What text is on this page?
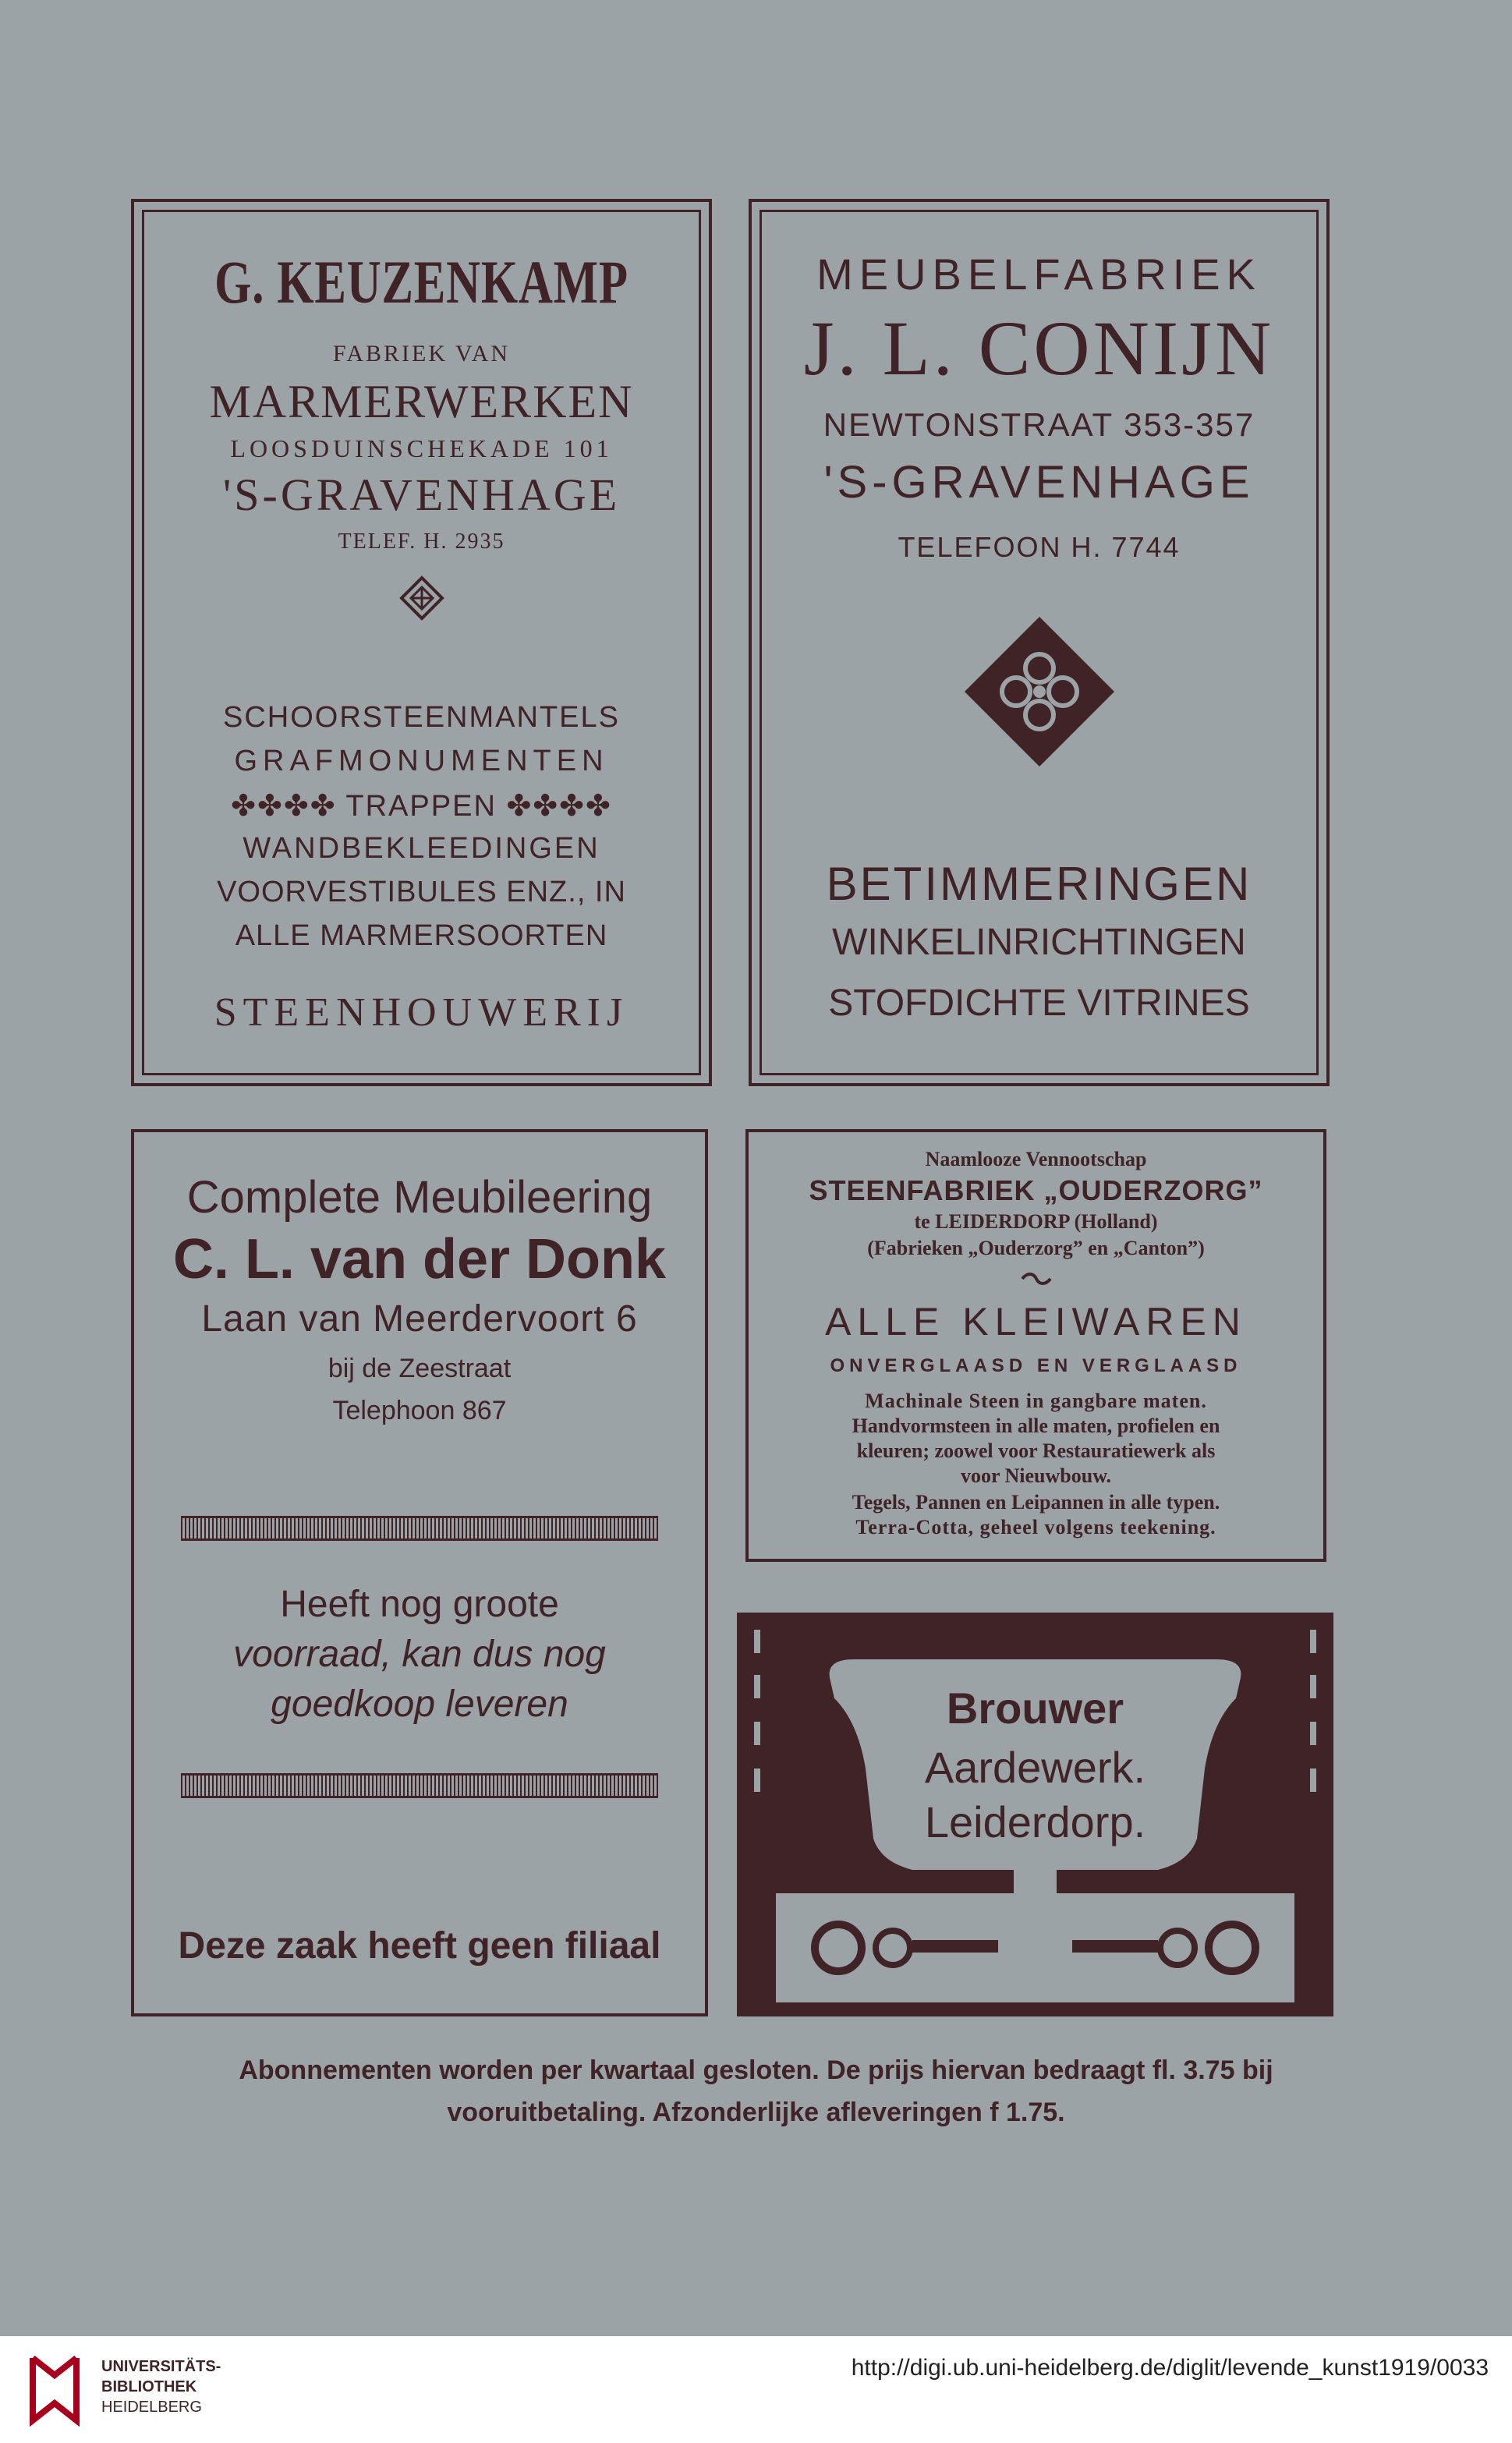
G. KEUZENKAMP
FABRIEK VAN
MARMERWERKEN
LOOSDUINSCHEKADE 101
'S-GRAVENHAGE
TELEF. H. 2935
SCHOORSTEENMANTELS
GRAFMONUMENTEN
✤✤✤✤ TRAPPEN ✤✤✤✤
WANDBEKLEEDINGEN
VOORVESTIBULES ENZ., IN
ALLE MARMERSOORTEN
STEENHOUWERIJ
MEUBELFABRIEK
J. L. CONIJN
NEWTONSTRAAT 353-357
'S-GRAVENHAGE
TELEFOON H. 7744
BETIMMERINGEN
WINKELINRICHTINGEN
STOFDICHTE VITRINES
Complete Meubileering
C. L. van der Donk
Laan van Meerdervoort 6
bij de Zeestraat
Telephoon 867
Heeft nog groote
voorraad, kan dus nog
goedkoop leveren
Deze zaak heeft geen filiaal
Naamlooze Vennootschap
STEENFABRIEK „OUDERZORG”
te LEIDERDORP (Holland)
(Fabrieken „Ouderzorg” en „Canton”)
ALLE KLEIWAREN
ONVERGLAASD EN VERGLAASD
Machinale Steen in gangbare maten.
Handvormsteen in alle maten, profielen en
kleuren; zoowel voor Restauratiewerk als
voor Nieuwbouw.
Tegels, Pannen en Leipannen in alle typen.
Terra-Cotta, geheel volgens teekening.
Brouwer
Aardewerk.
Leiderdorp.
Abonnementen worden per kwartaal gesloten. De prijs hiervan bedraagt fl. 3.75 bij
vooruitbetaling. Afzonderlijke afleveringen f 1.75.
UNIVERSITÄTS-
BIBLIOTHEK
HEIDELBERG
http://digi.ub.uni-heidelberg.de/diglit/levende_kunst1919/0033
